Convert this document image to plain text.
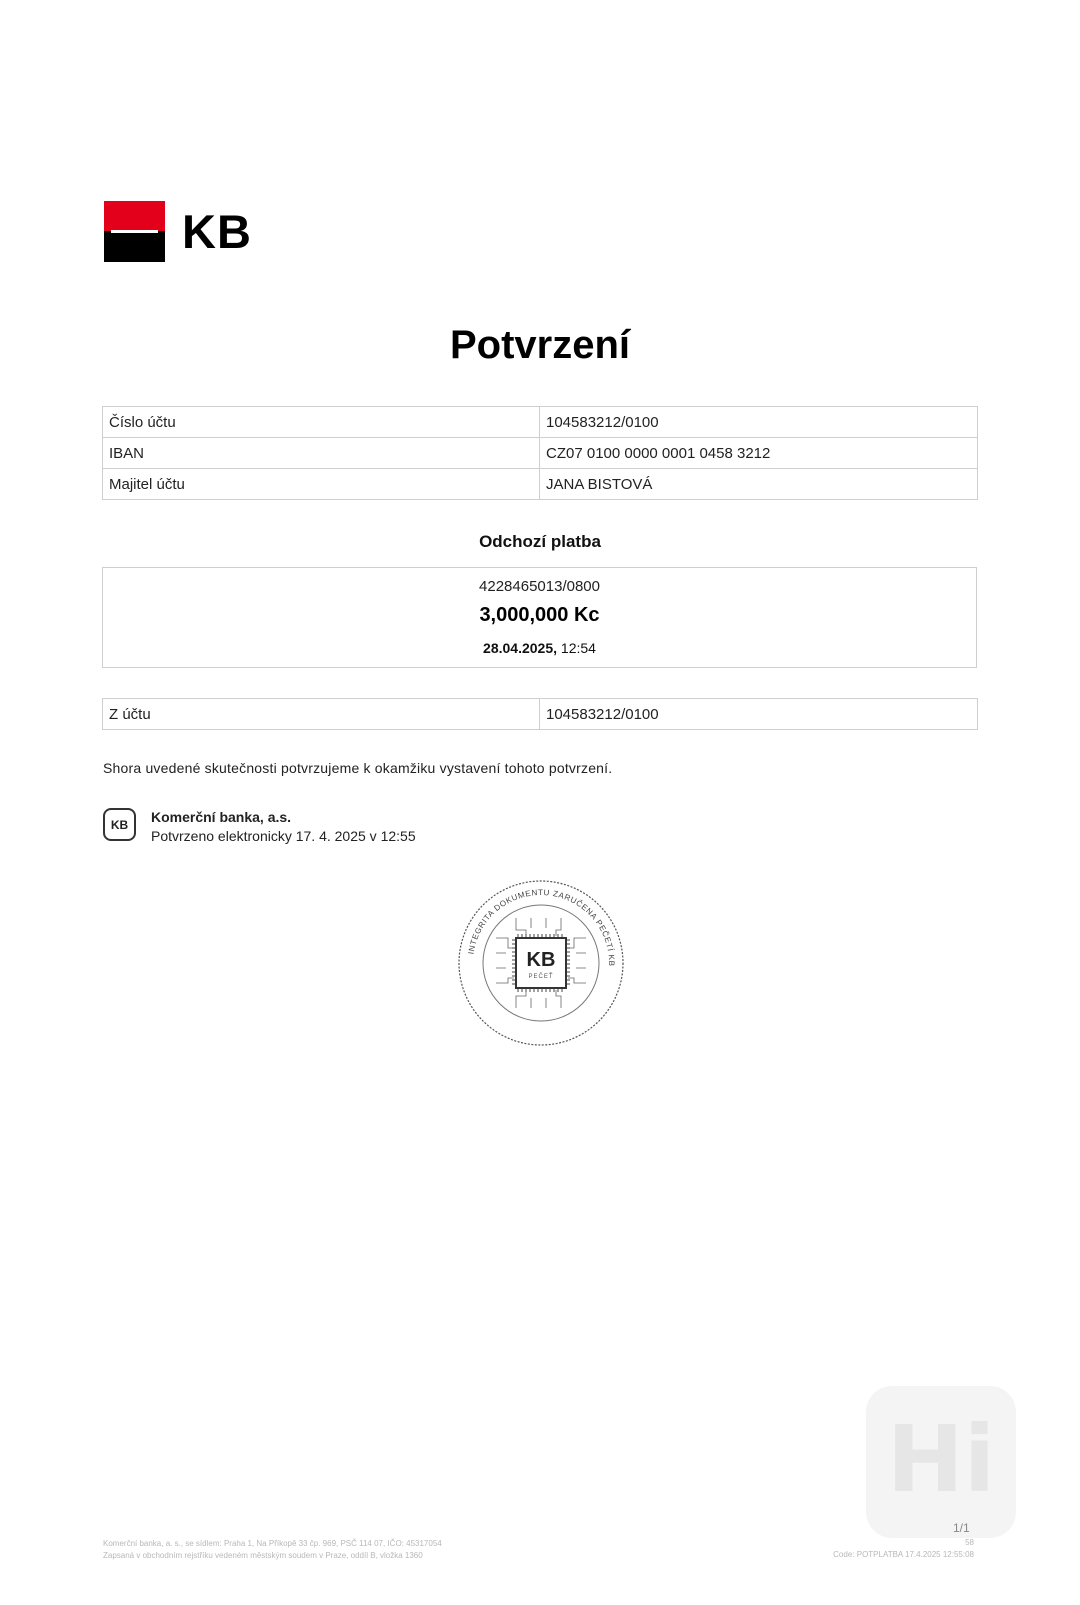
KB
Potvrzení
Číslo účtu	104583212/0100
IBAN	CZ07 0100 0000 0001 0458 3212
Majitel účtu	JANA BISTOVÁ
Odchozí platba
4228465013/0800
3,000,000 Kc
28.04.2025, 12:54
Z účtu	104583212/0100
Shora uvedené skutečnosti potvrzujeme k okamžiku vystavení tohoto potvrzení.
KB	Komerční banka, a.s.
Potvrzeno elektronicky 17. 4. 2025 v 12:55
INTEGRITA DOKUMENTU ZARUČENA PEČETÍ KB
KB
PEČEŤ
Hi
1/1
Komerční banka, a. s., se sídlem: Praha 1, Na Příkopě 33 čp. 969, PSČ 114 07, IČO: 45317054
Zapsaná v obchodním rejstříku vedeném městským soudem v Praze, oddíl B, vložka 1360
58
Code: POTPLATBA 17.4.2025 12:55:08
